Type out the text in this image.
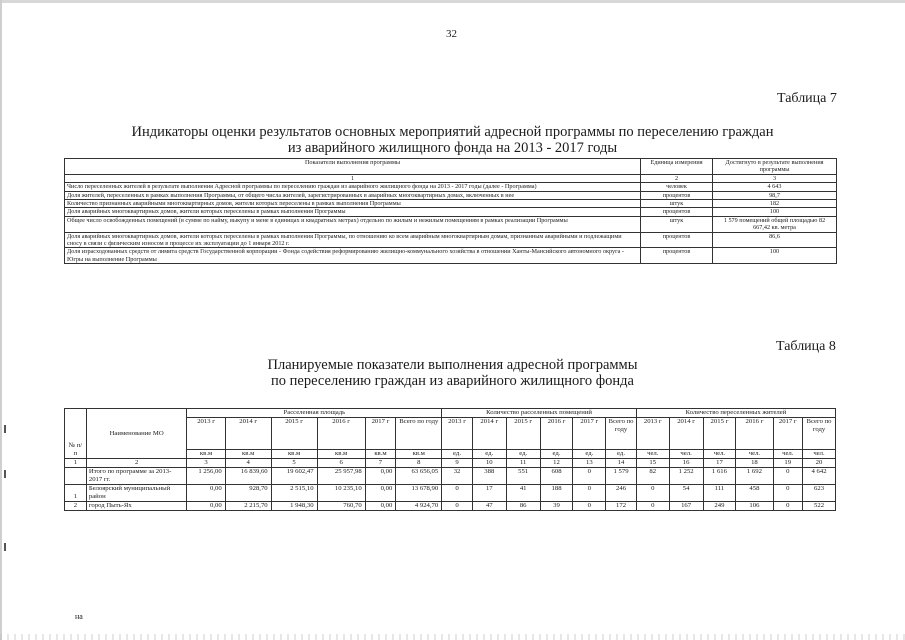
32
Таблица 7
Индикаторы оценки результатов основных мероприятий адресной программы по переселению граждан
из аварийного жилищного фонда на 2013 - 2017 годы
Показатели выполнения программы	Единица измерения	Достигнуто в результате выполнения программы
1	2	3
Число переселенных жителей в результате выполнения Адресной программы по переселению граждан из аварийного жилищного фонда на 2013 - 2017 годы (далее - Программа)	человек	4 643
Доля жителей, переселенных в рамках выполнения Программы, от общего числа жителей, зарегистрированных в аварийных многоквартирных домах, включенных в нее	процентов	98,7
Количество признанных аварийными многоквартирных домов, жители которых переселены в рамках выполнения Программы	штук	182
Доля аварийных многоквартирных домов, жители которых переселены в рамках выполнения Программы	процентов	100
Общее число освобожденных помещений (в сумме по найму, выкупу и мене в единицах и квадратных метрах) отдельно по жилым и нежилым помещениям в рамках реализации Программы	штук	1 579 помещений общей площадью 82 667,42 кв. метра
Доля аварийных многоквартирных домов, жители которых переселены в рамках выполнения Программы, по отношению ко всем аварийным многоквартирным домам, признанным аварийными и подлежащими сносу в связи с физическим износом в процессе их эксплуатации до 1 января 2012 г.	процентов	86,6
Доля израсходованных средств от лимита средств Государственной корпорации - Фонда содействия реформированию жилищно-коммунального хозяйства в отношении Ханты-Мансийского автономного округа - Югры на выполнение Программы	процентов	100
Таблица 8
Планируемые показатели выполнения адресной программы
по переселению граждан из аварийного жилищного фонда
№ п/п	Наименование МО	Расселенная площадь						Количество расселенных помещений						Количество переселенных жителей					
		2013 г	2014 г	2015 г	2016 г	2017 г	Всего по году	2013 г	2014 г	2015 г	2016 г	2017 г	Всего по году	2013 г	2014 г	2015 г	2016 г	2017 г	Всего по году
		кв.м	кв.м	кв.м	кв.м	кв.м	кв.м	ед.	ед.	ед.	ед.	ед.	ед.	чел.	чел.	чел.	чел.	чел.	чел.
1	2	3	4	5	6	7	8	9	10	11	12	13	14	15	16	17	18	19	20
	Итого по программе за 2013-2017 гг.	1 256,00	16 839,60	19 602,47	25 957,98	0,00	63 656,05	32	388	551	608	0	1 579	82	1 252	1 616	1 692	0	4 642
1	Белоярский муниципальный район	0,00	928,70	2 515,10	10 235,10	0,00	13 678,90	0	17	41	188	0	246	0	54	111	458	0	623
2	город Пыть-Ях	0,00	2 215,70	1 948,30	760,70	0,00	4 924,70	0	47	86	39	0	172	0	167	249	106	0	522
на
